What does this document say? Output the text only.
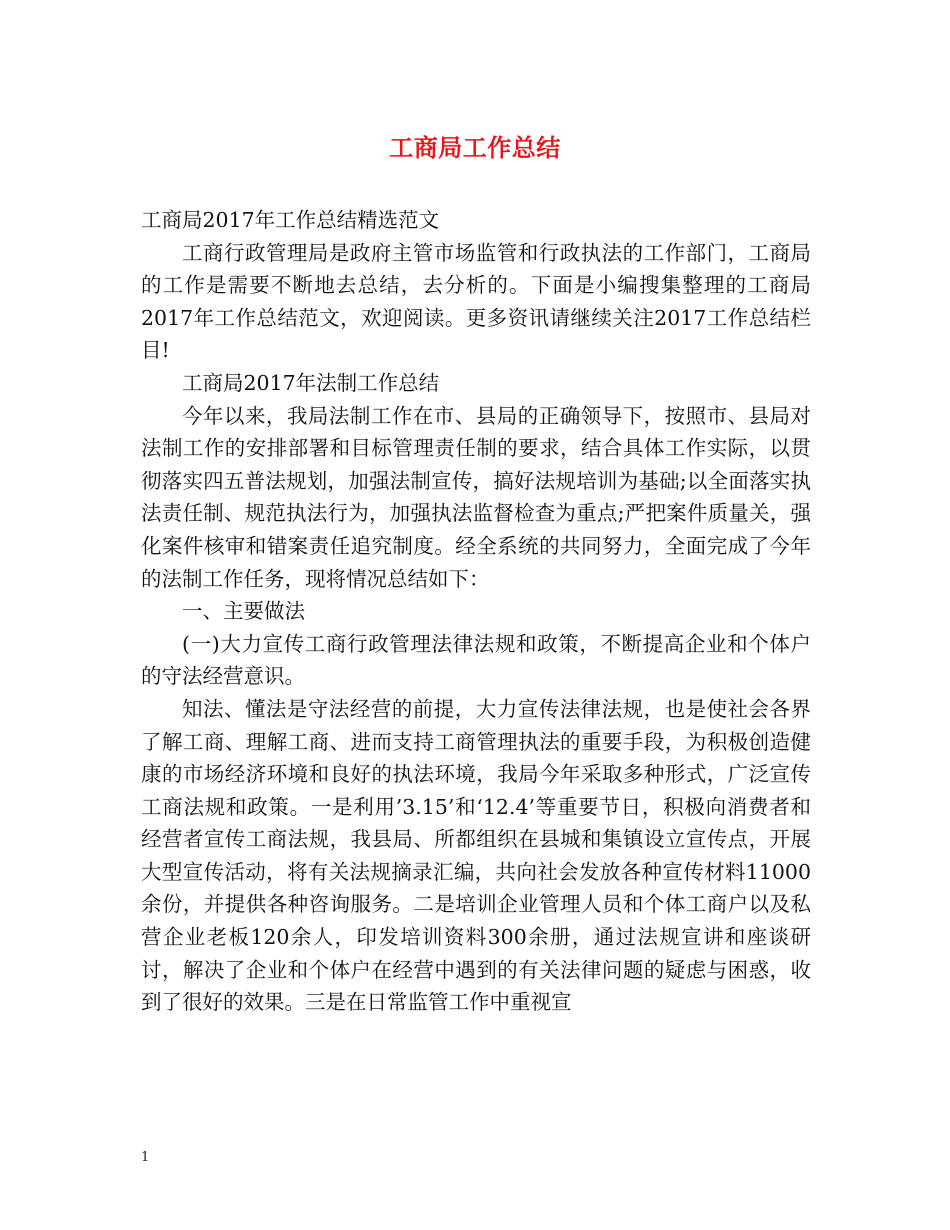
工商局工作总结

工商局2017年工作总结精选范文

工商行政管理局是政府主管市场监管和行政执法的工作部门，工商局的工作是需要不断地去总结，去分析的。下面是小编搜集整理的工商局2017年工作总结范文，欢迎阅读。更多资讯请继续关注2017工作总结栏目!

工商局2017年法制工作总结

今年以来，我局法制工作在市、县局的正确领导下，按照市、县局对法制工作的安排部署和目标管理责任制的要求，结合具体工作实际，以贯彻落实四五普法规划，加强法制宣传，搞好法规培训为基础;以全面落实执法责任制、规范执法行为，加强执法监督检查为重点;严把案件质量关，强化案件核审和错案责任追究制度。经全系统的共同努力，全面完成了今年的法制工作任务，现将情况总结如下：

一、主要做法

(一)大力宣传工商行政管理法律法规和政策，不断提高企业和个体户的守法经营意识。

知法、懂法是守法经营的前提，大力宣传法律法规，也是使社会各界了解工商、理解工商、进而支持工商管理执法的重要手段，为积极创造健康的市场经济环境和良好的执法环境，我局今年采取多种形式，广泛宣传工商法规和政策。一是利用’3.15’和‘12.4’等重要节日，积极向消费者和经营者宣传工商法规，我县局、所都组织在县城和集镇设立宣传点，开展大型宣传活动，将有关法规摘录汇编，共向社会发放各种宣传材料11000余份，并提供各种咨询服务。二是培训企业管理人员和个体工商户以及私营企业老板120余人，印发培训资料300余册，通过法规宣讲和座谈研讨，解决了企业和个体户在经营中遇到的有关法律问题的疑虑与困惑，收到了很好的效果。三是在日常监管工作中重视宣

1
